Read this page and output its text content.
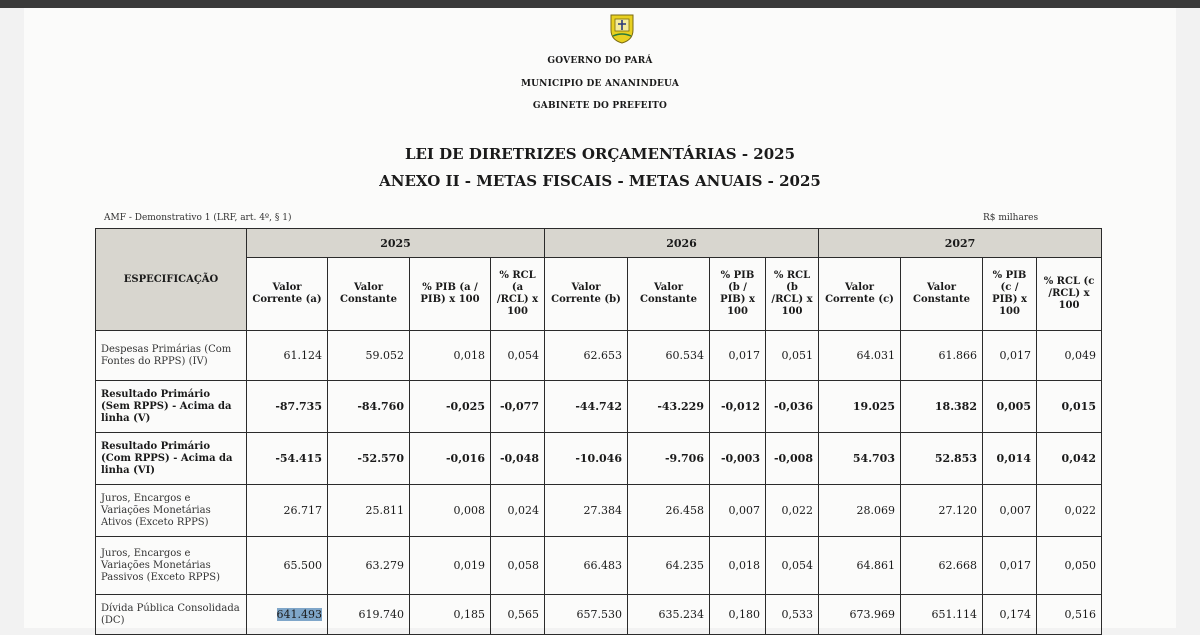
GOVERNO DO PARÁ
MUNICIPIO DE ANANINDEUA
GABINETE DO PREFEITO
LEI DE DIRETRIZES ORÇAMENTÁRIAS - 2025
ANEXO II - METAS FISCAIS - METAS ANUAIS - 2025
AMF - Demonstrativo 1 (LRF, art. 4º, § 1)	R$ milhares
ESPECIFICAÇÃO	2025				2026				2027			
	Valor Corrente (a)	Valor Constante	% PIB (a / PIB) x 100	% RCL (a /RCL) x 100	Valor Corrente (b)	Valor Constante	% PIB (b / PIB) x 100	% RCL (b /RCL) x 100	Valor Corrente (c)	Valor Constante	% PIB (c / PIB) x 100	% RCL (c /RCL) x 100
Despesas Primárias (Com Fontes do RPPS) (IV)	61.124	59.052	0,018	0,054	62.653	60.534	0,017	0,051	64.031	61.866	0,017	0,049
Resultado Primário (Sem RPPS) - Acima da linha (V)	-87.735	-84.760	-0,025	-0,077	-44.742	-43.229	-0,012	-0,036	19.025	18.382	0,005	0,015
Resultado Primário (Com RPPS) - Acima da linha (VI)	-54.415	-52.570	-0,016	-0,048	-10.046	-9.706	-0,003	-0,008	54.703	52.853	0,014	0,042
Juros, Encargos e Variações Monetárias Ativos (Exceto RPPS)	26.717	25.811	0,008	0,024	27.384	26.458	0,007	0,022	28.069	27.120	0,007	0,022
Juros, Encargos e Variações Monetárias Passivos (Exceto RPPS)	65.500	63.279	0,019	0,058	66.483	64.235	0,018	0,054	64.861	62.668	0,017	0,050
Dívida Pública Consolidada (DC)	641.493	619.740	0,185	0,565	657.530	635.234	0,180	0,533	673.969	651.114	0,174	0,516
